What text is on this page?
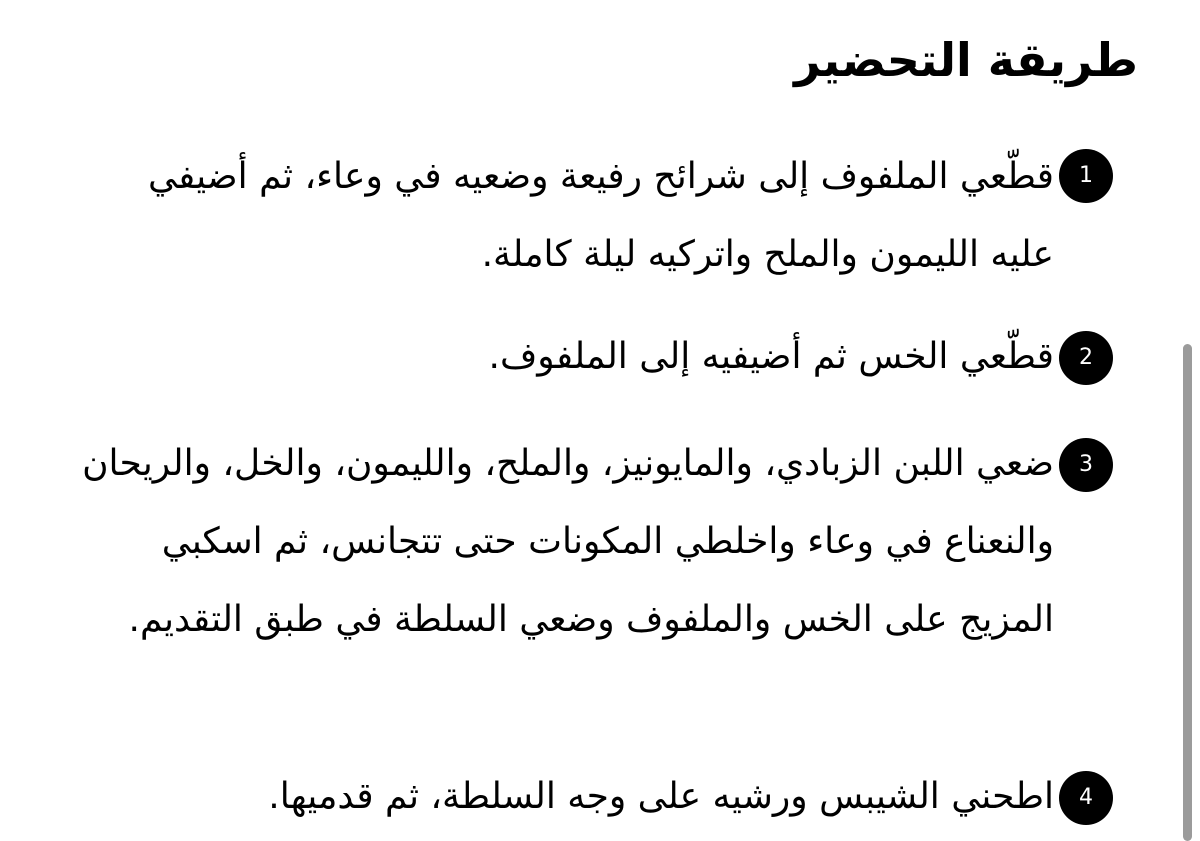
طريقة التحضير
1
قطّعي الملفوف إلى شرائح رفيعة وضعيه في وعاء، ثم أضيفي عليه الليمون والملح واتركيه ليلة كاملة.
2
قطّعي الخس ثم أضيفيه إلى الملفوف.
3
ضعي اللبن الزبادي، والمايونيز، والملح، والليمون، والخل، والريحان والنعناع في وعاء واخلطي المكونات حتى تتجانس، ثم اسكبي المزيج على الخس والملفوف وضعي السلطة في طبق التقديم.
4
اطحني الشيبس ورشيه على وجه السلطة، ثم قدميها.
